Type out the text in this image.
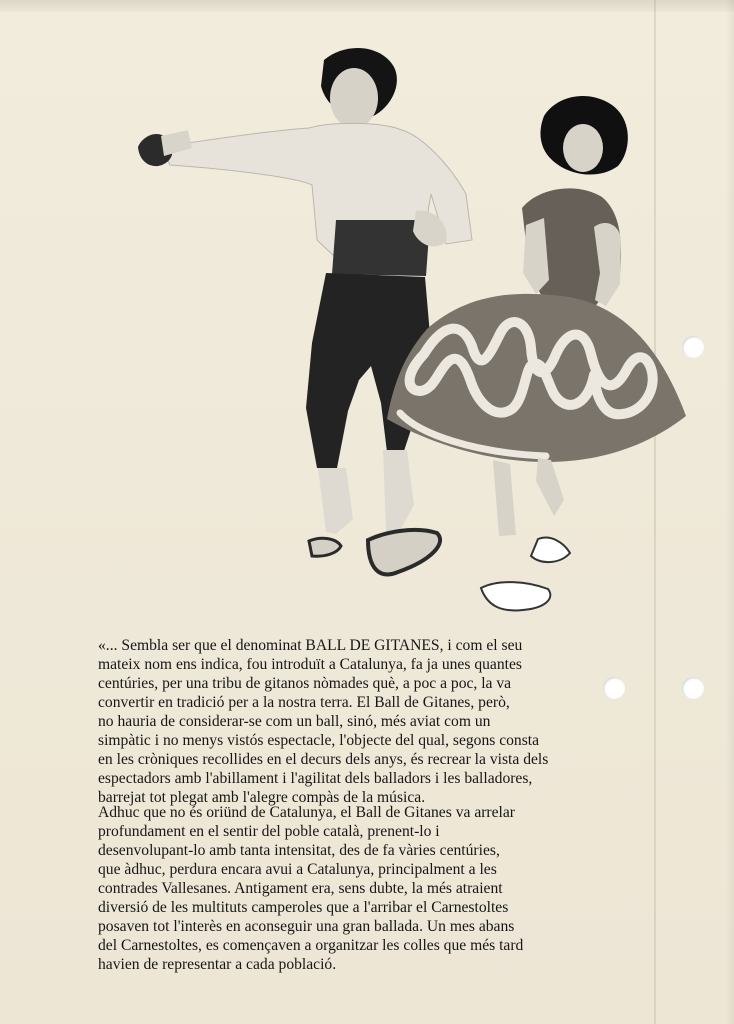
«... Sembla ser que el denominat BALL DE GITANES, i com el seu
mateix nom ens indica, fou introduït a Catalunya, fa ja unes quantes
centúries, per una tribu de gitanos nòmades què, a poc a poc, la va
convertir en tradició per a la nostra terra. El Ball de Gitanes, però,
no hauria de considerar-se com un ball, sinó, més aviat com un
simpàtic i no menys vistós espectacle, l'objecte del qual, segons consta
en les cròniques recollides en el decurs dels anys, és recrear la vista dels
espectadors amb l'abillament i l'agilitat dels balladors i les balladores,
barrejat tot plegat amb l'alegre compàs de la música.

Adhuc que no és oriünd de Catalunya, el Ball de Gitanes va arrelar
profundament en el sentir del poble català, prenent-lo i
desenvolupant-lo amb tanta intensitat, des de fa vàries centúries,
que àdhuc, perdura encara avui a Catalunya, principalment a les
contrades Vallesanes. Antigament era, sens dubte, la més atraient
diversió de les multituts camperoles que a l'arribar el Carnestoltes
posaven tot l'interès en aconseguir una gran ballada. Un mes abans
del Carnestoltes, es començaven a organitzar les colles que més tard
havien de representar a cada població.
